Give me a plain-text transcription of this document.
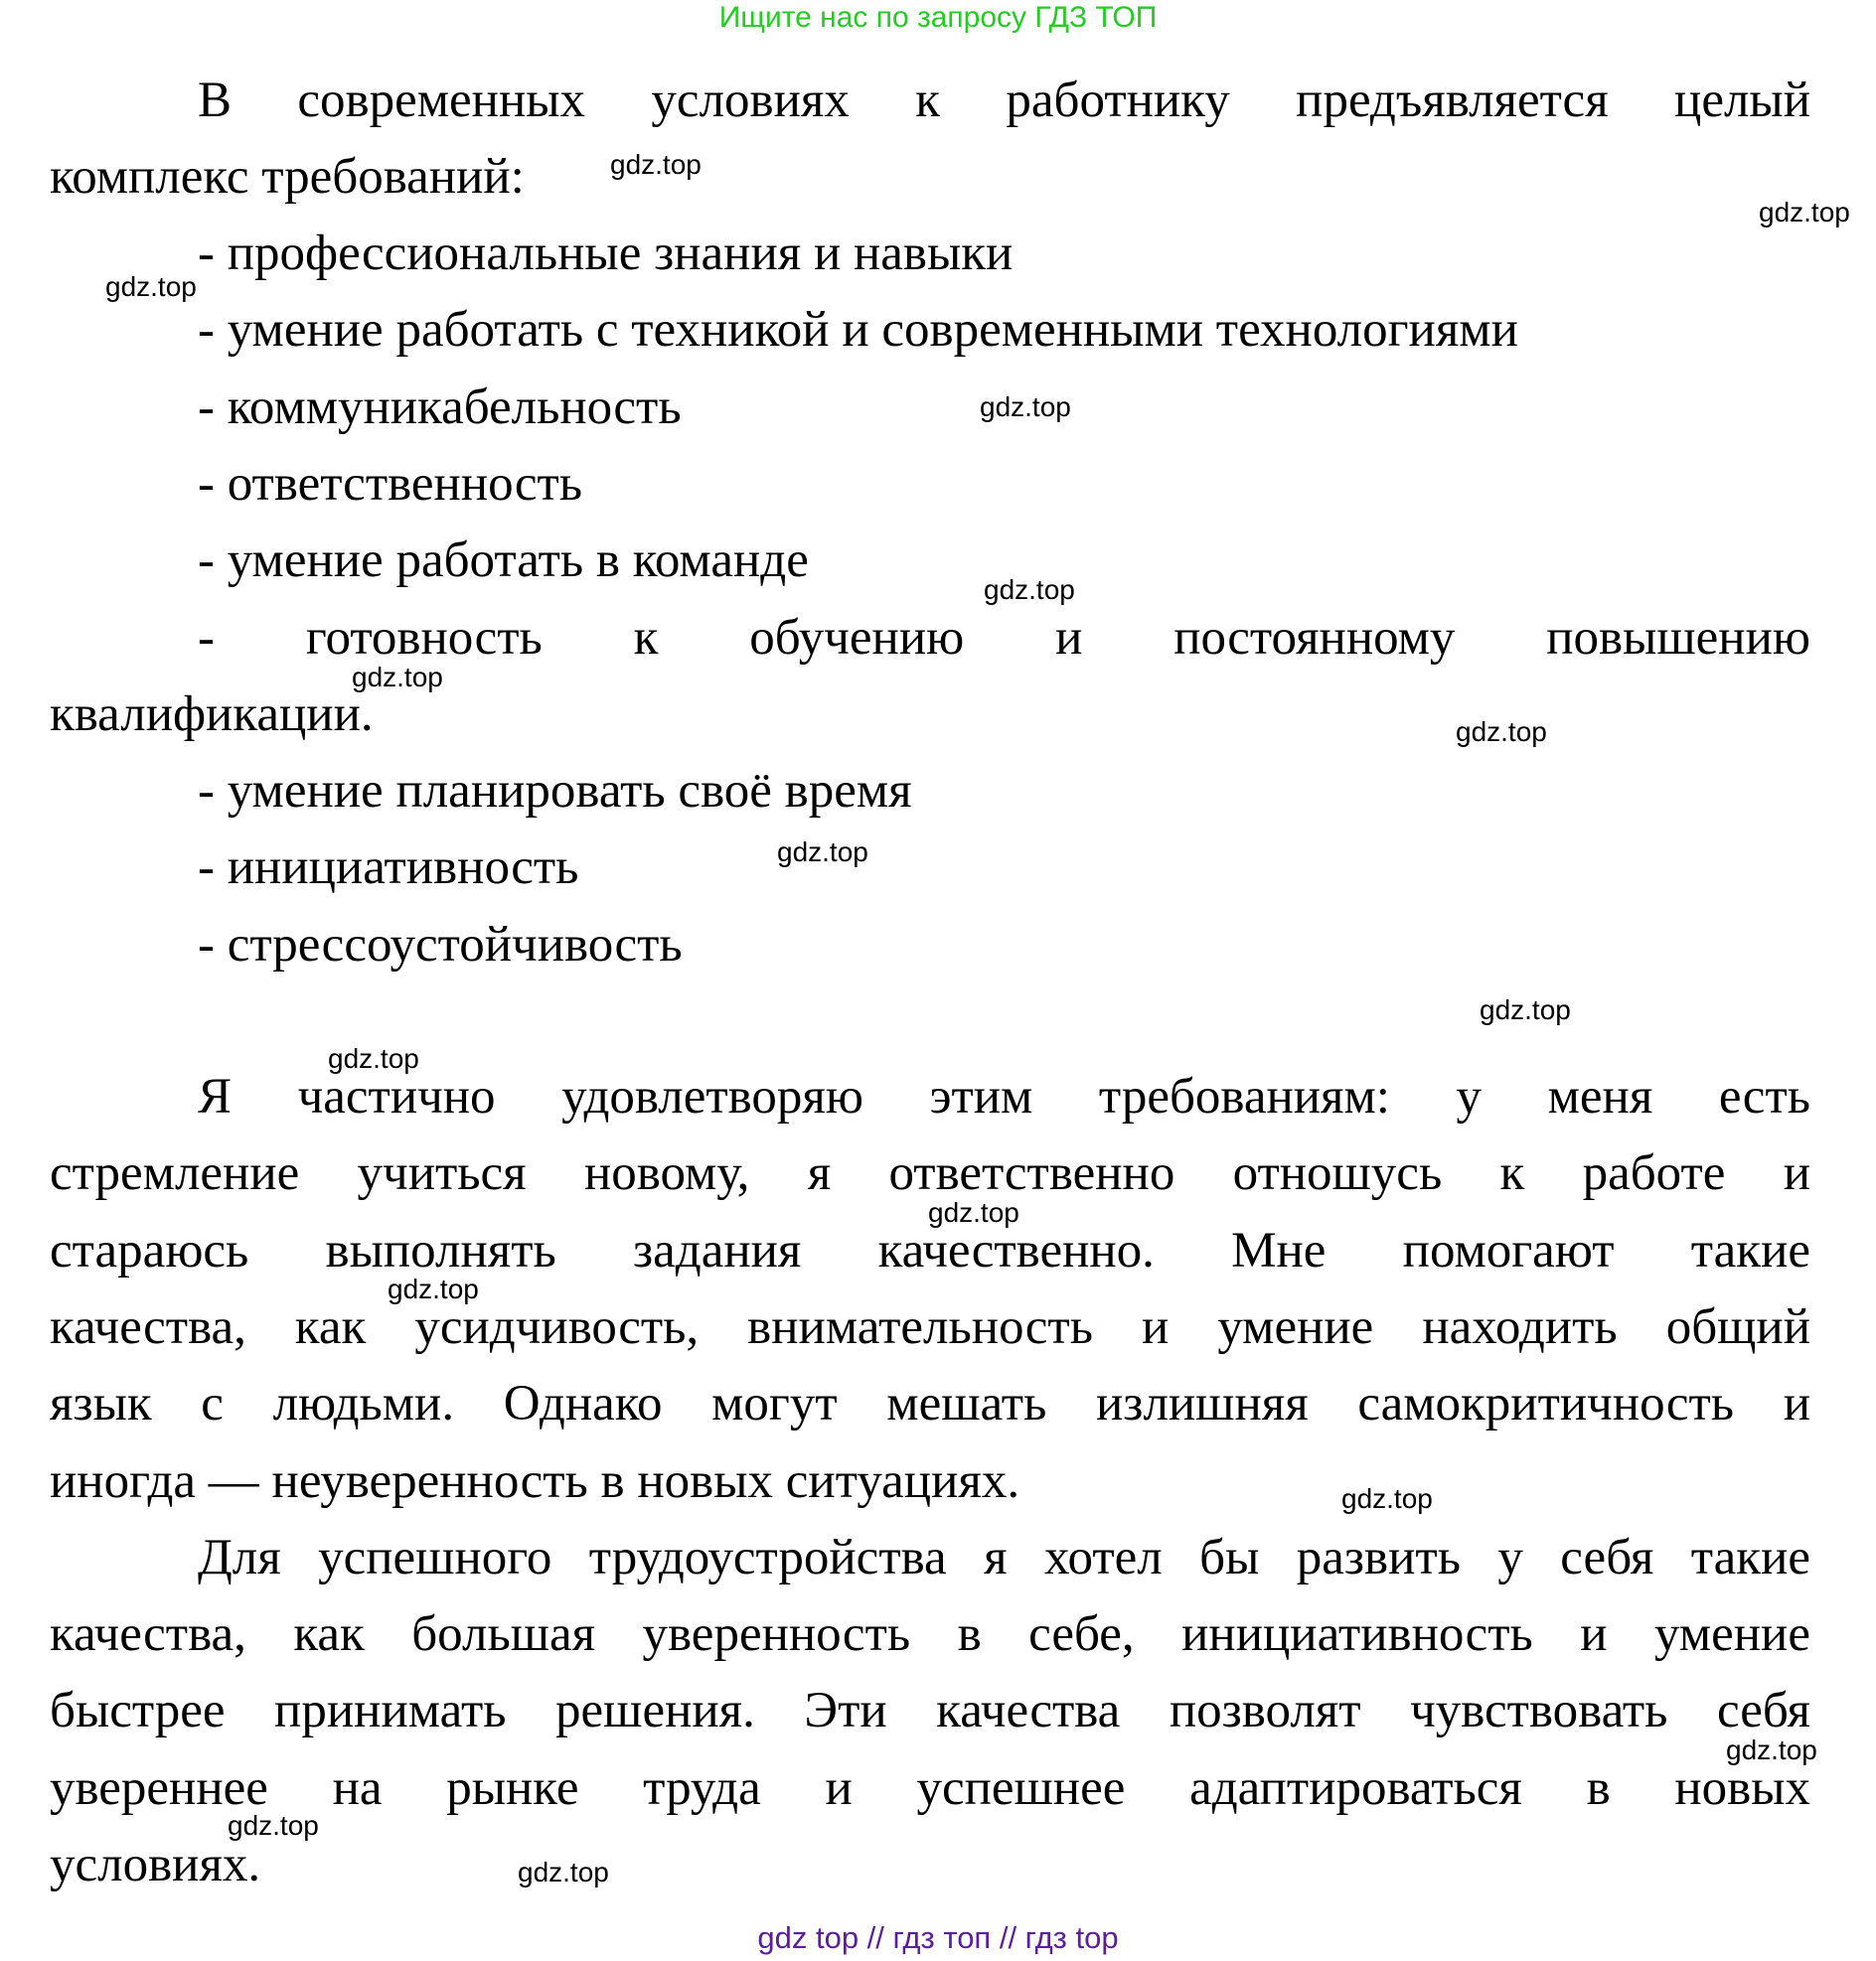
Ищите нас по запросу ГДЗ ТОП
В современных условиях к работнику предъявляется целый
комплекс требований:
- профессиональные знания и навыки
- умение работать с техникой и современными технологиями
- коммуникабельность
- ответственность
- умение работать в команде
- готовность к обучению и постоянному повышению
квалификации.
- умение планировать своё время
- инициативность
- стрессоустойчивость
Я частично удовлетворяю этим требованиям: у меня есть
стремление учиться новому, я ответственно отношусь к работе и
стараюсь выполнять задания качественно. Мне помогают такие
качества, как усидчивость, внимательность и умение находить общий
язык с людьми. Однако могут мешать излишняя самокритичность и
иногда — неуверенность в новых ситуациях.
Для успешного трудоустройства я хотел бы развить у себя такие
качества, как большая уверенность в себе, инициативность и умение
быстрее принимать решения. Эти качества позволят чувствовать себя
увереннее на рынке труда и успешнее адаптироваться в новых
условиях.
gdz.top
gdz.top
gdz.top
gdz.top
gdz.top
gdz.top
gdz.top
gdz.top
gdz.top
gdz.top
gdz.top
gdz.top
gdz.top
gdz.top
gdz.top
gdz.top
gdz top // гдз топ // гдз top
